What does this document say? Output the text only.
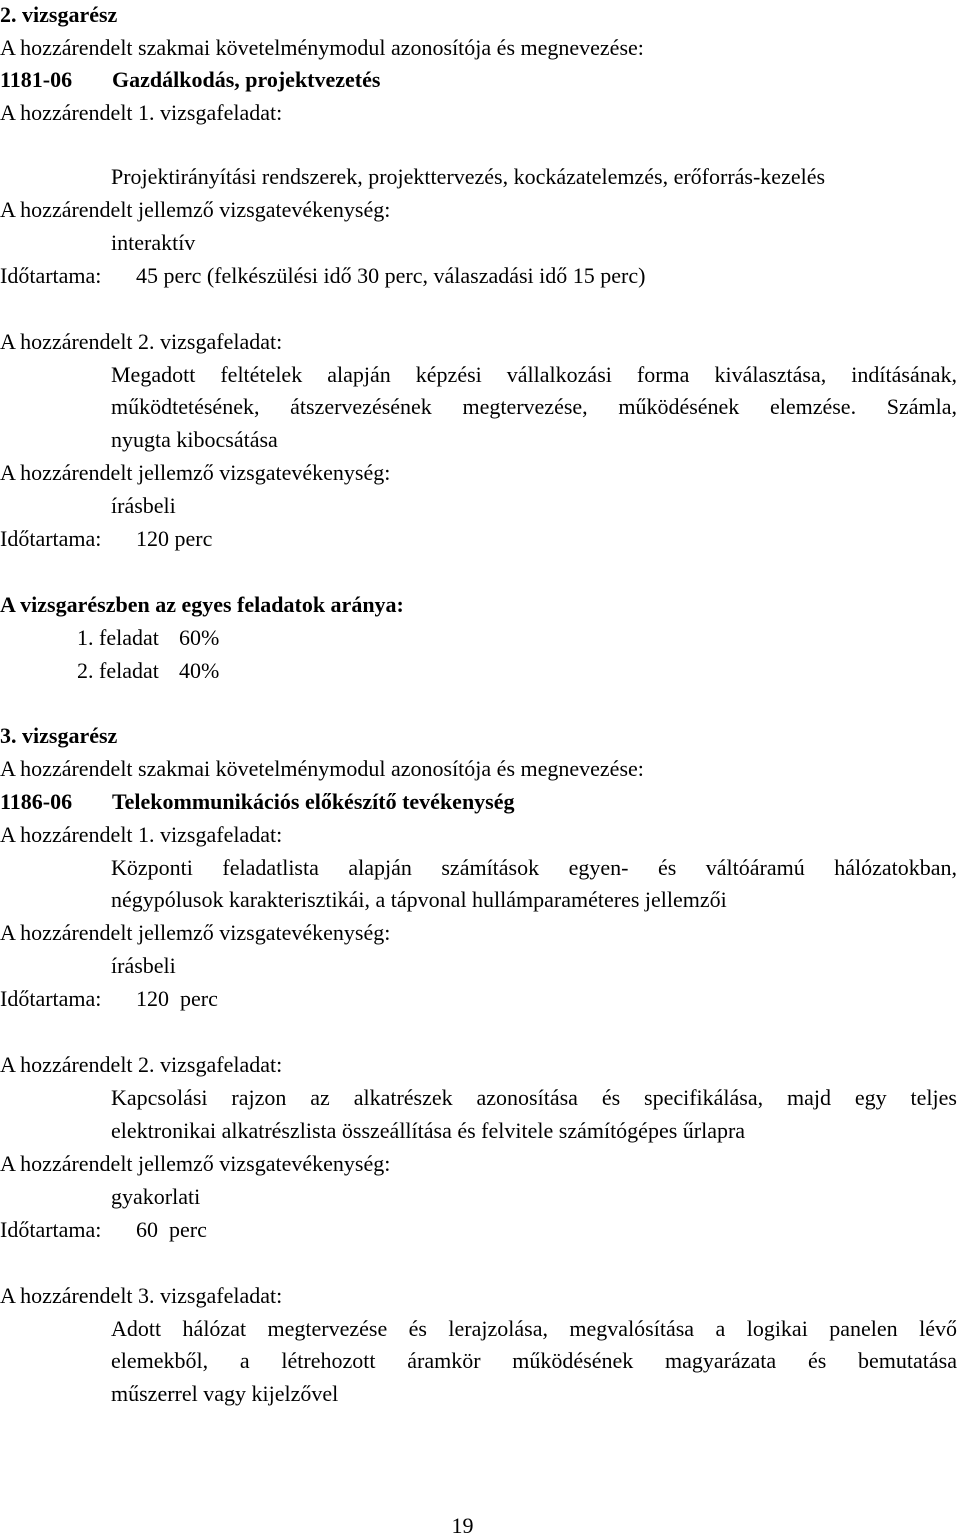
2. vizsgarész
A hozzárendelt szakmai követelménymodul azonosítója és megnevezése:
1181-06 Gazdálkodás, projektvezetés
A hozzárendelt 1. vizsgafeladat:
Projektirányítási rendszerek, projekttervezés, kockázatelemzés, erőforrás-kezelés
A hozzárendelt jellemző vizsgatevékenység:
interaktív
Időtartama: 45 perc (felkészülési idő 30 perc, válaszadási idő 15 perc)
A hozzárendelt 2. vizsgafeladat:
Megadott feltételek alapján képzési vállalkozási forma kiválasztása, indításának,
működtetésének, átszervezésének megtervezése, működésének elemzése. Számla,
nyugta kibocsátása
A hozzárendelt jellemző vizsgatevékenység:
írásbeli
Időtartama: 120 perc
A vizsgarészben az egyes feladatok aránya:
1. feladat 60%
2. feladat 40%
3. vizsgarész
A hozzárendelt szakmai követelménymodul azonosítója és megnevezése:
1186-06 Telekommunikációs előkészítő tevékenység
A hozzárendelt 1. vizsgafeladat:
Központi feladatlista alapján számítások egyen- és váltóáramú hálózatokban,
négypólusok karakterisztikái, a tápvonal hullámparaméteres jellemzői
A hozzárendelt jellemző vizsgatevékenység:
írásbeli
Időtartama: 120  perc
A hozzárendelt 2. vizsgafeladat:
Kapcsolási rajzon az alkatrészek azonosítása és specifikálása, majd egy teljes
elektronikai alkatrészlista összeállítása és felvitele számítógépes űrlapra
A hozzárendelt jellemző vizsgatevékenység:
gyakorlati
Időtartama: 60  perc
A hozzárendelt 3. vizsgafeladat:
Adott hálózat megtervezése és lerajzolása, megvalósítása a logikai panelen lévő
elemekből, a létrehozott áramkör működésének magyarázata és bemutatása
műszerrel vagy kijelzővel
19
